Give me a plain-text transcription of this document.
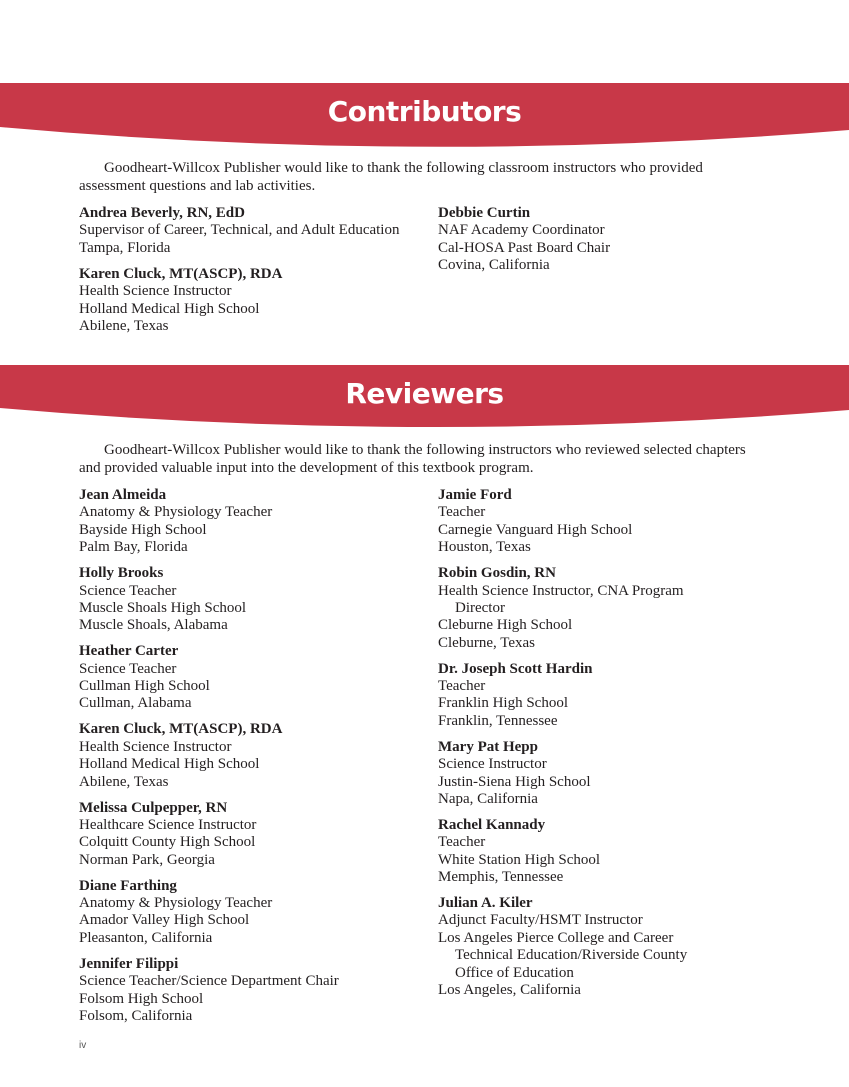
Contributors
Goodheart-Willcox Publisher would like to thank the following classroom instructors who provided assessment questions and lab activities.
Andrea Beverly, RN, EdD
Supervisor of Career, Technical, and Adult Education
Tampa, Florida
Karen Cluck, MT(ASCP), RDA
Health Science Instructor
Holland Medical High School
Abilene, Texas
Debbie Curtin
NAF Academy Coordinator
Cal-HOSA Past Board Chair
Covina, California
Reviewers
Goodheart-Willcox Publisher would like to thank the following instructors who reviewed selected chapters and provided valuable input into the development of this textbook program.
Jean Almeida
Anatomy & Physiology Teacher
Bayside High School
Palm Bay, Florida
Holly Brooks
Science Teacher
Muscle Shoals High School
Muscle Shoals, Alabama
Heather Carter
Science Teacher
Cullman High School
Cullman, Alabama
Karen Cluck, MT(ASCP), RDA
Health Science Instructor
Holland Medical High School
Abilene, Texas
Melissa Culpepper, RN
Healthcare Science Instructor
Colquitt County High School
Norman Park, Georgia
Diane Farthing
Anatomy & Physiology Teacher
Amador Valley High School
Pleasanton, California
Jennifer Filippi
Science Teacher/Science Department Chair
Folsom High School
Folsom, California
Jamie Ford
Teacher
Carnegie Vanguard High School
Houston, Texas
Robin Gosdin, RN
Health Science Instructor, CNA Program
Director
Cleburne High School
Cleburne, Texas
Dr. Joseph Scott Hardin
Teacher
Franklin High School
Franklin, Tennessee
Mary Pat Hepp
Science Instructor
Justin-Siena High School
Napa, California
Rachel Kannady
Teacher
White Station High School
Memphis, Tennessee
Julian A. Kiler
Adjunct Faculty/HSMT Instructor
Los Angeles Pierce College and Career
Technical Education/Riverside County
Office of Education
Los Angeles, California
iv
